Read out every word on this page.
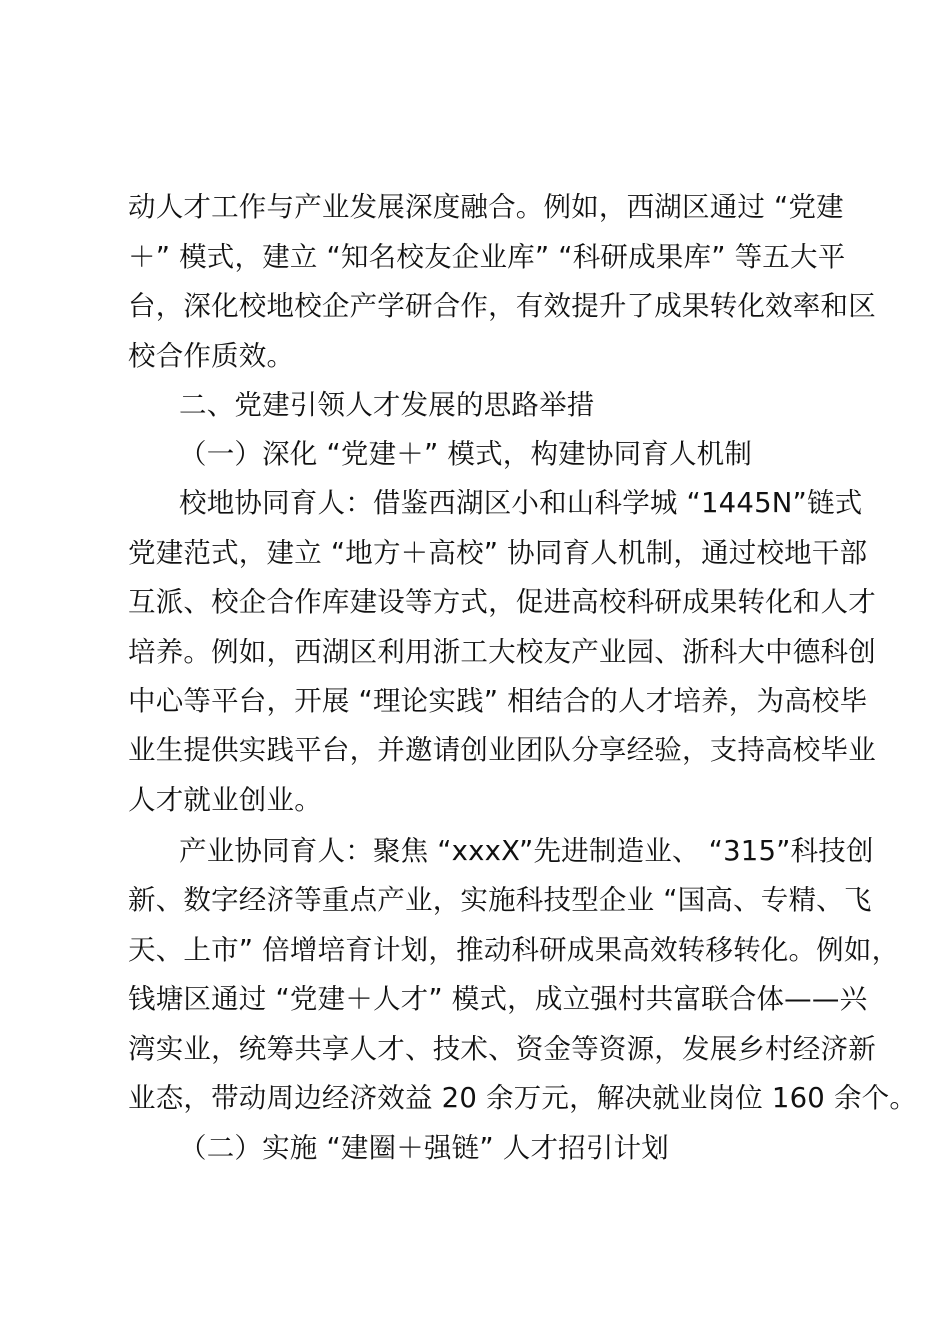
动人才工作与产业发展深度融合。例如，西湖区通过 “党建
＋” 模式，建立 “知名校友企业库” “科研成果库” 等五大平
台，深化校地校企产学研合作，有效提升了成果转化效率和区
校合作质效。
二、党建引领人才发展的思路举措
（一）深化 “党建＋” 模式，构建协同育人机制
校地协同育人：借鉴西湖区小和山科学城 “1445N”链式
党建范式，建立 “地方＋高校” 协同育人机制，通过校地干部
互派、校企合作库建设等方式，促进高校科研成果转化和人才
培养。例如，西湖区利用浙工大校友产业园、浙科大中德科创
中心等平台，开展 “理论实践” 相结合的人才培养，为高校毕
业生提供实践平台，并邀请创业团队分享经验，支持高校毕业
人才就业创业。
产业协同育人：聚焦 “xxxX”先进制造业、 “315”科技创
新、数字经济等重点产业，实施科技型企业 “国高、专精、飞
天、上市” 倍增培育计划，推动科研成果高效转移转化。例如，
钱塘区通过 “党建＋人才” 模式，成立强村共富联合体——兴
湾实业，统筹共享人才、技术、资金等资源，发展乡村经济新
业态，带动周边经济效益 20 余万元，解决就业岗位 160 余个。
（二）实施 “建圈＋强链” 人才招引计划
